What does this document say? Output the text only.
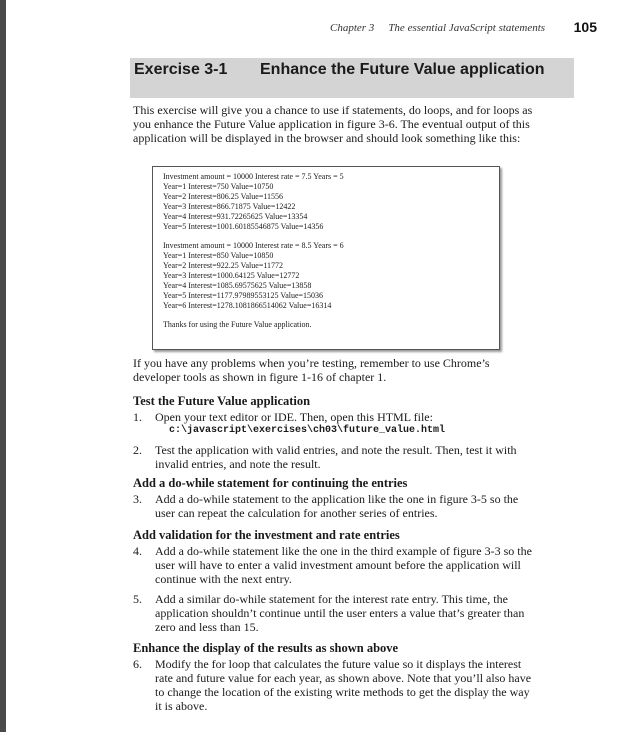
Chapter 3 The essential JavaScript statements 105
Exercise 3-1 Enhance the Future Value application
This exercise will give you a chance to use if statements, do loops, and for loops as you enhance the Future Value application in figure 3-6. The eventual output of this application will be displayed in the browser and should look something like this:
Investment amount = 10000 Interest rate = 7.5 Years = 5
Year=1 Interest=750 Value=10750
Year=2 Interest=806.25 Value=11556
Year=3 Interest=866.71875 Value=12422
Year=4 Interest=931.72265625 Value=13354
Year=5 Interest=1001.60185546875 Value=14356
Investment amount = 10000 Interest rate = 8.5 Years = 6
Year=1 Interest=850 Value=10850
Year=2 Interest=922.25 Value=11772
Year=3 Interest=1000.64125 Value=12772
Year=4 Interest=1085.69575625 Value=13858
Year=5 Interest=1177.97989553125 Value=15036
Year=6 Interest=1278.1081866514062 Value=16314
Thanks for using the Future Value application.
If you have any problems when you’re testing, remember to use Chrome’s developer tools as shown in figure 1-16 of chapter 1.
Test the Future Value application
1. Open your text editor or IDE. Then, open this HTML file:
c:\javascript\exercises\ch03\future_value.html
2. Test the application with valid entries, and note the result. Then, test it with invalid entries, and note the result.
Add a do-while statement for continuing the entries
3. Add a do-while statement to the application like the one in figure 3-5 so the user can repeat the calculation for another series of entries.
Add validation for the investment and rate entries
4. Add a do-while statement like the one in the third example of figure 3-3 so the user will have to enter a valid investment amount before the application will continue with the next entry.
5. Add a similar do-while statement for the interest rate entry. This time, the application shouldn’t continue until the user enters a value that’s greater than zero and less than 15.
Enhance the display of the results as shown above
6. Modify the for loop that calculates the future value so it displays the interest rate and future value for each year, as shown above. Note that you’ll also have to change the location of the existing write methods to get the display the way it is above.
